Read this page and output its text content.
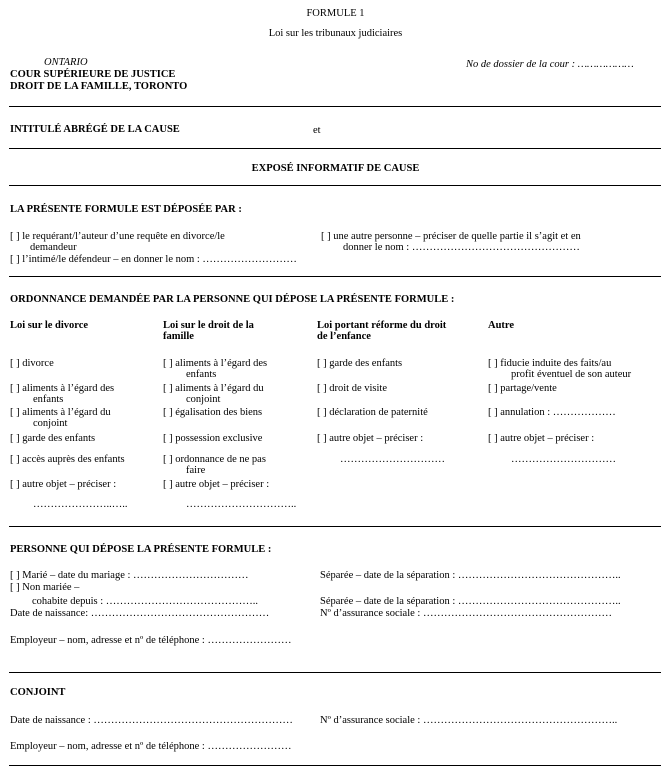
FORMULE 1
Loi sur les tribunaux judiciaires
ONTARIO
COUR SUPÉRIEURE DE JUSTICE
DROIT DE LA FAMILLE, TORONTO
No de dossier de la cour : ………………
INTITULÉ ABRÉGÉ DE LA CAUSE	et
EXPOSÉ INFORMATIF DE CAUSE
LA PRÉSENTE FORMULE EST DÉPOSÉE PAR :
[ ] le requérant/l’auteur d’une requête en divorce/le
demandeur
[ ] l’intimé/le défendeur – en donner le nom : ………………………
[ ] une autre personne – préciser de quelle partie il s’agit et en
donner le nom : …………………………………………
ORDONNANCE DEMANDÉE PAR LA PERSONNE QUI DÉPOSE LA PRÉSENTE FORMULE :
Loi sur le divorce
[ ] divorce
[ ] aliments à l’égard des
enfants
[ ] aliments à l’égard du
conjoint
[ ] garde des enfants
[ ] accès auprès des enfants
[ ] autre objet – préciser :
…………………..…..
Loi sur le droit de la
famille
[ ] aliments à l’égard des
enfants
[ ] aliments à l’égard du
conjoint
[ ] égalisation des biens
[ ] possession exclusive
[ ] ordonnance de ne pas
faire
[ ] autre objet – préciser :
…………………………..
Loi portant réforme du droit
de l’enfance
[ ] garde des enfants
[ ] droit de visite
[ ] déclaration de paternité
[ ] autre objet – préciser :
…………………………
Autre
[ ] fiducie induite des faits/au
profit éventuel de son auteur
[ ] partage/vente
[ ] annulation : ………………
[ ] autre objet – préciser :
…………………………
PERSONNE QUI DÉPOSE LA PRÉSENTE FORMULE :
[ ] Marié – date du mariage : ……………………………
[ ] Non mariée –
cohabite depuis : ……………………………………..
Date de naissance: ……………………………………………
Séparée – date de la séparation : ………………………………………..
Séparée – date de la séparation : ………………………………………..
Nº d’assurance sociale : ………………………………………………
Employeur – nom, adresse et nº de téléphone : ……………………
CONJOINT
Date de naissance : …………………………………………………	Nº d’assurance sociale : ………………………………………………..
Employeur – nom, adresse et nº de téléphone : ……………………
